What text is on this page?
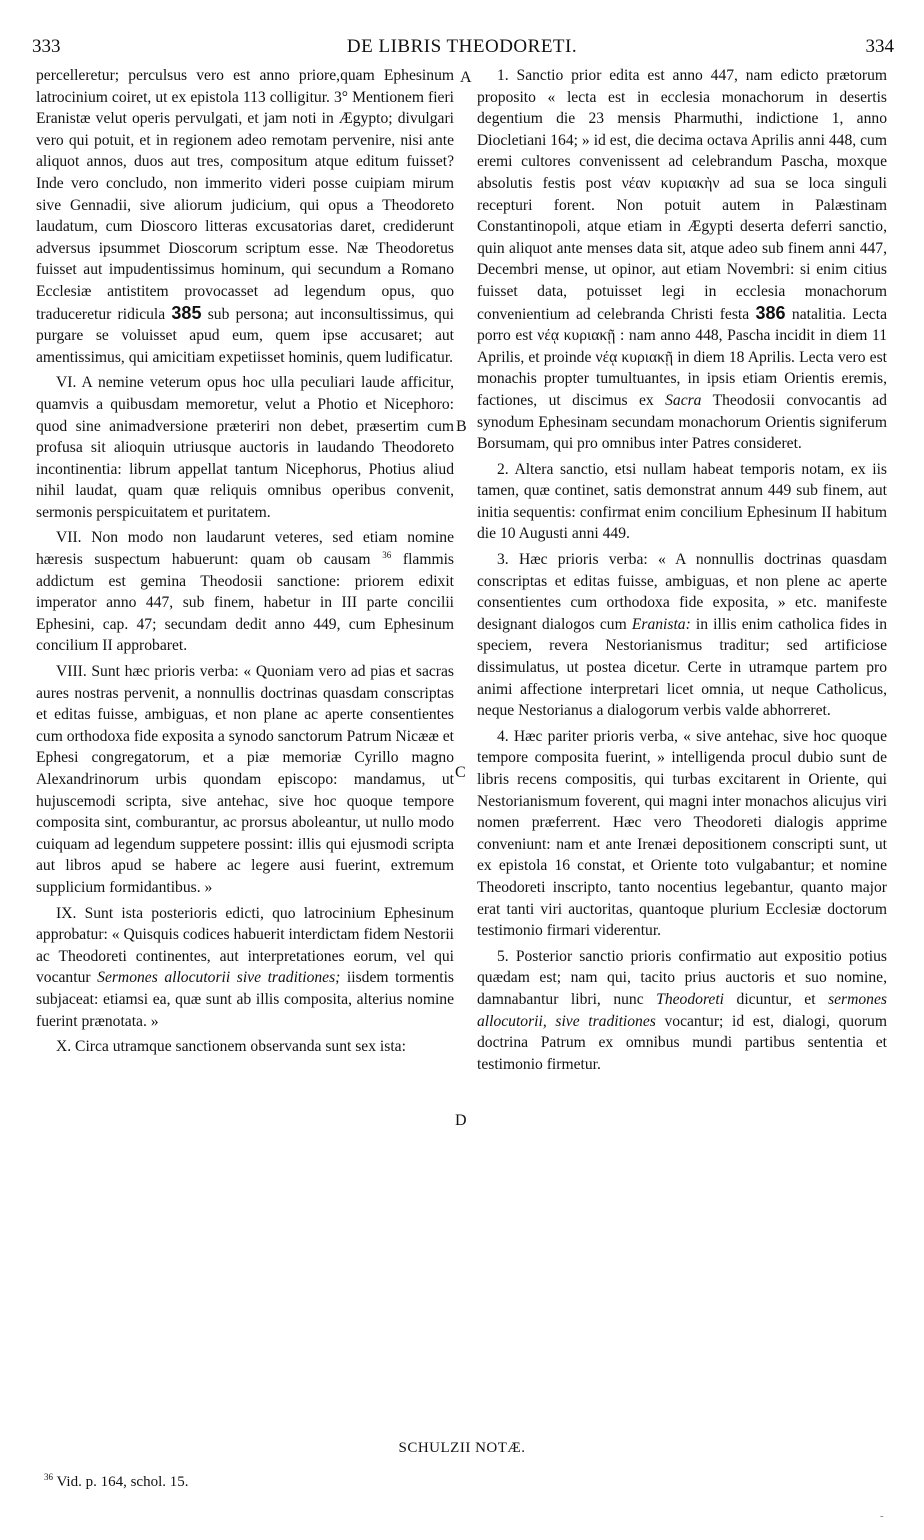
333	DE LIBRIS THEODORETI.	334
A
B
C
D

percelleretur; perculsus vero est anno priore,quam Ephesinum latrocinium coiret, ut ex epistola 113 colligitur. 3° Mentionem fieri Eranistæ velut operis pervulgati, et jam noti in Ægypto; divulgari vero qui potuit, et in regionem adeo remotam pervenire, nisi ante aliquot annos, duos aut tres, compositum atque editum fuisset? Inde vero concludo, non immerito videri posse cuipiam mirum sive Gennadii, sive aliorum judicium, qui opus a Theodoreto laudatum, cum Dioscoro litteras excusatorias daret, crediderunt adversus ipsummet Dioscorum scriptum esse. Næ Theodoretus fuisset aut impudentissimus hominum, qui secundum a Romano Ecclesiæ antistitem provocasset ad legendum opus, quo traduceretur ridicula 385 sub persona; aut inconsultissimus, qui purgare se voluisset apud eum, quem ipse accusaret; aut amentissimus, qui amicitiam expetiisset hominis, quem ludificatur.

VI. A nemine veterum opus hoc ulla peculiari laude afficitur, quamvis a quibusdam memoretur, velut a Photio et Nicephoro: quod sine animadversione præteriri non debet, præsertim cum profusa sit alioquin utriusque auctoris in laudando Theodoreto incontinentia: librum appellat tantum Nicephorus, Photius aliud nihil laudat, quam quæ reliquis omnibus operibus convenit, sermonis perspicuitatem et puritatem.

VII. Non modo non laudarunt veteres, sed etiam nomine hæresis suspectum habuerunt: quam ob causam $^{36}$ flammis addictum est gemina Theodosii sanctione: priorem edixit imperator anno 447, sub finem, habetur in III parte concilii Ephesini, cap. 47; secundam dedit anno 449, cum Ephesinum concilium II approbaret.

VIII. Sunt hæc prioris verba: « Quoniam vero ad pias et sacras aures nostras pervenit, a nonnullis doctrinas quasdam conscriptas et editas fuisse, ambiguas, et non plane ac aperte consentientes cum orthodoxa fide exposita a synodo sanctorum Patrum Nicææ et Ephesi congregatorum, et a piæ memoriæ Cyrillo magno Alexandrinorum urbis quondam episcopo: mandamus, ut hujuscemodi scripta, sive antehac, sive hoc quoque tempore composita sint, comburantur, ac prorsus aboleantur, ut nullo modo cuiquam ad legendum suppetere possint: illis qui ejusmodi scripta aut libros apud se habere ac legere ausi fuerint, extremum supplicium formidantibus. »

IX. Sunt ista posterioris edicti, quo latrocinium Ephesinum approbatur: « Quisquis codices habuerit interdictam fidem Nestorii ac Theodoreti continentes, aut interpretationes eorum, vel qui vocantur Sermones allocutorii sive traditiones; iisdem tormentis subjaceat: etiamsi ea, quæ sunt ab illis composita, alterius nomine fuerint prænotata. »

X. Circa utramque sanctionem observanda sunt sex ista:

1. Sanctio prior edita est anno 447, nam edicto prætorum proposito « lecta est in ecclesia monachorum in desertis degentium die 23 mensis Pharmuthi, indictione 1, anno Diocletiani 164; » id est, die decima octava Aprilis anni 448, cum eremi cultores convenissent ad celebrandum Pascha, moxque absolutis festis post νέαν κυριακὴν ad sua se loca singuli recepturi forent. Non potuit autem in Palæstinam Constantinopoli, atque etiam in Ægypti deserta deferri sanctio, quin aliquot ante menses data sit, atque adeo sub finem anni 447, Decembri mense, ut opinor, aut etiam Novembri: si enim citius fuisset data, potuisset legi in ecclesia monachorum convenientium ad celebranda Christi festa 386 natalitia. Lecta porro est νέᾳ κυριακῇ : nam anno 448, Pascha incidit in diem 11 Aprilis, et proinde νέᾳ κυριακῇ in diem 18 Aprilis. Lecta vero est monachis propter tumultuantes, in ipsis etiam Orientis eremis, factiones, ut discimus ex Sacra Theodosii convocantis ad synodum Ephesinam secundam monachorum Orientis signiferum Borsumam, qui pro omnibus inter Patres consideret.

2. Altera sanctio, etsi nullam habeat temporis notam, ex iis tamen, quæ continet, satis demonstrat annum 449 sub finem, aut initia sequentis: confirmat enim concilium Ephesinum II habitum die 10 Augusti anni 449.

3. Hæc prioris verba: « A nonnullis doctrinas quasdam conscriptas et editas fuisse, ambiguas, et non plene ac aperte consentientes cum orthodoxa fide exposita, » etc. manifeste designant dialogos cum Eranista: in illis enim catholica fides in speciem, revera Nestorianismus traditur; sed artificiose dissimulatus, ut postea dicetur. Certe in utramque partem pro animi affectione interpretari licet omnia, ut neque Catholicus, neque Nestorianus a dialogorum verbis valde abhorreret.

4. Hæc pariter prioris verba, « sive antehac, sive hoc quoque tempore composita fuerint, » intelligenda procul dubio sunt de libris recens compositis, qui turbas excitarent in Oriente, qui Nestorianismum foverent, qui magni inter monachos alicujus viri nomen præferrent. Hæc vero Theodoreti dialogis apprime conveniunt: nam et ante Irenæi depositionem conscripti sunt, ut ex epistola 16 constat, et Oriente toto vulgabantur; et nomine Theodoreti inscripto, tanto nocentius legebantur, quanto major erat tanti viri auctoritas, quantoque plurium Ecclesiæ doctorum testimonio firmari viderentur.

5. Posterior sanctio prioris confirmatio aut expositio potius quædam est; nam qui, tacito prius auctoris et suo nomine, damnabantur libri, nunc Theodoreti dicuntur, et sermones allocutorii, sive traditiones vocantur; id est, dialogi, quorum doctrina Patrum ex omnibus mundi partibus sententia et testimonio firmetur.

SCHULZII NOTÆ.
$^{36}$ Vid. p. 164, schol. 15.
-
